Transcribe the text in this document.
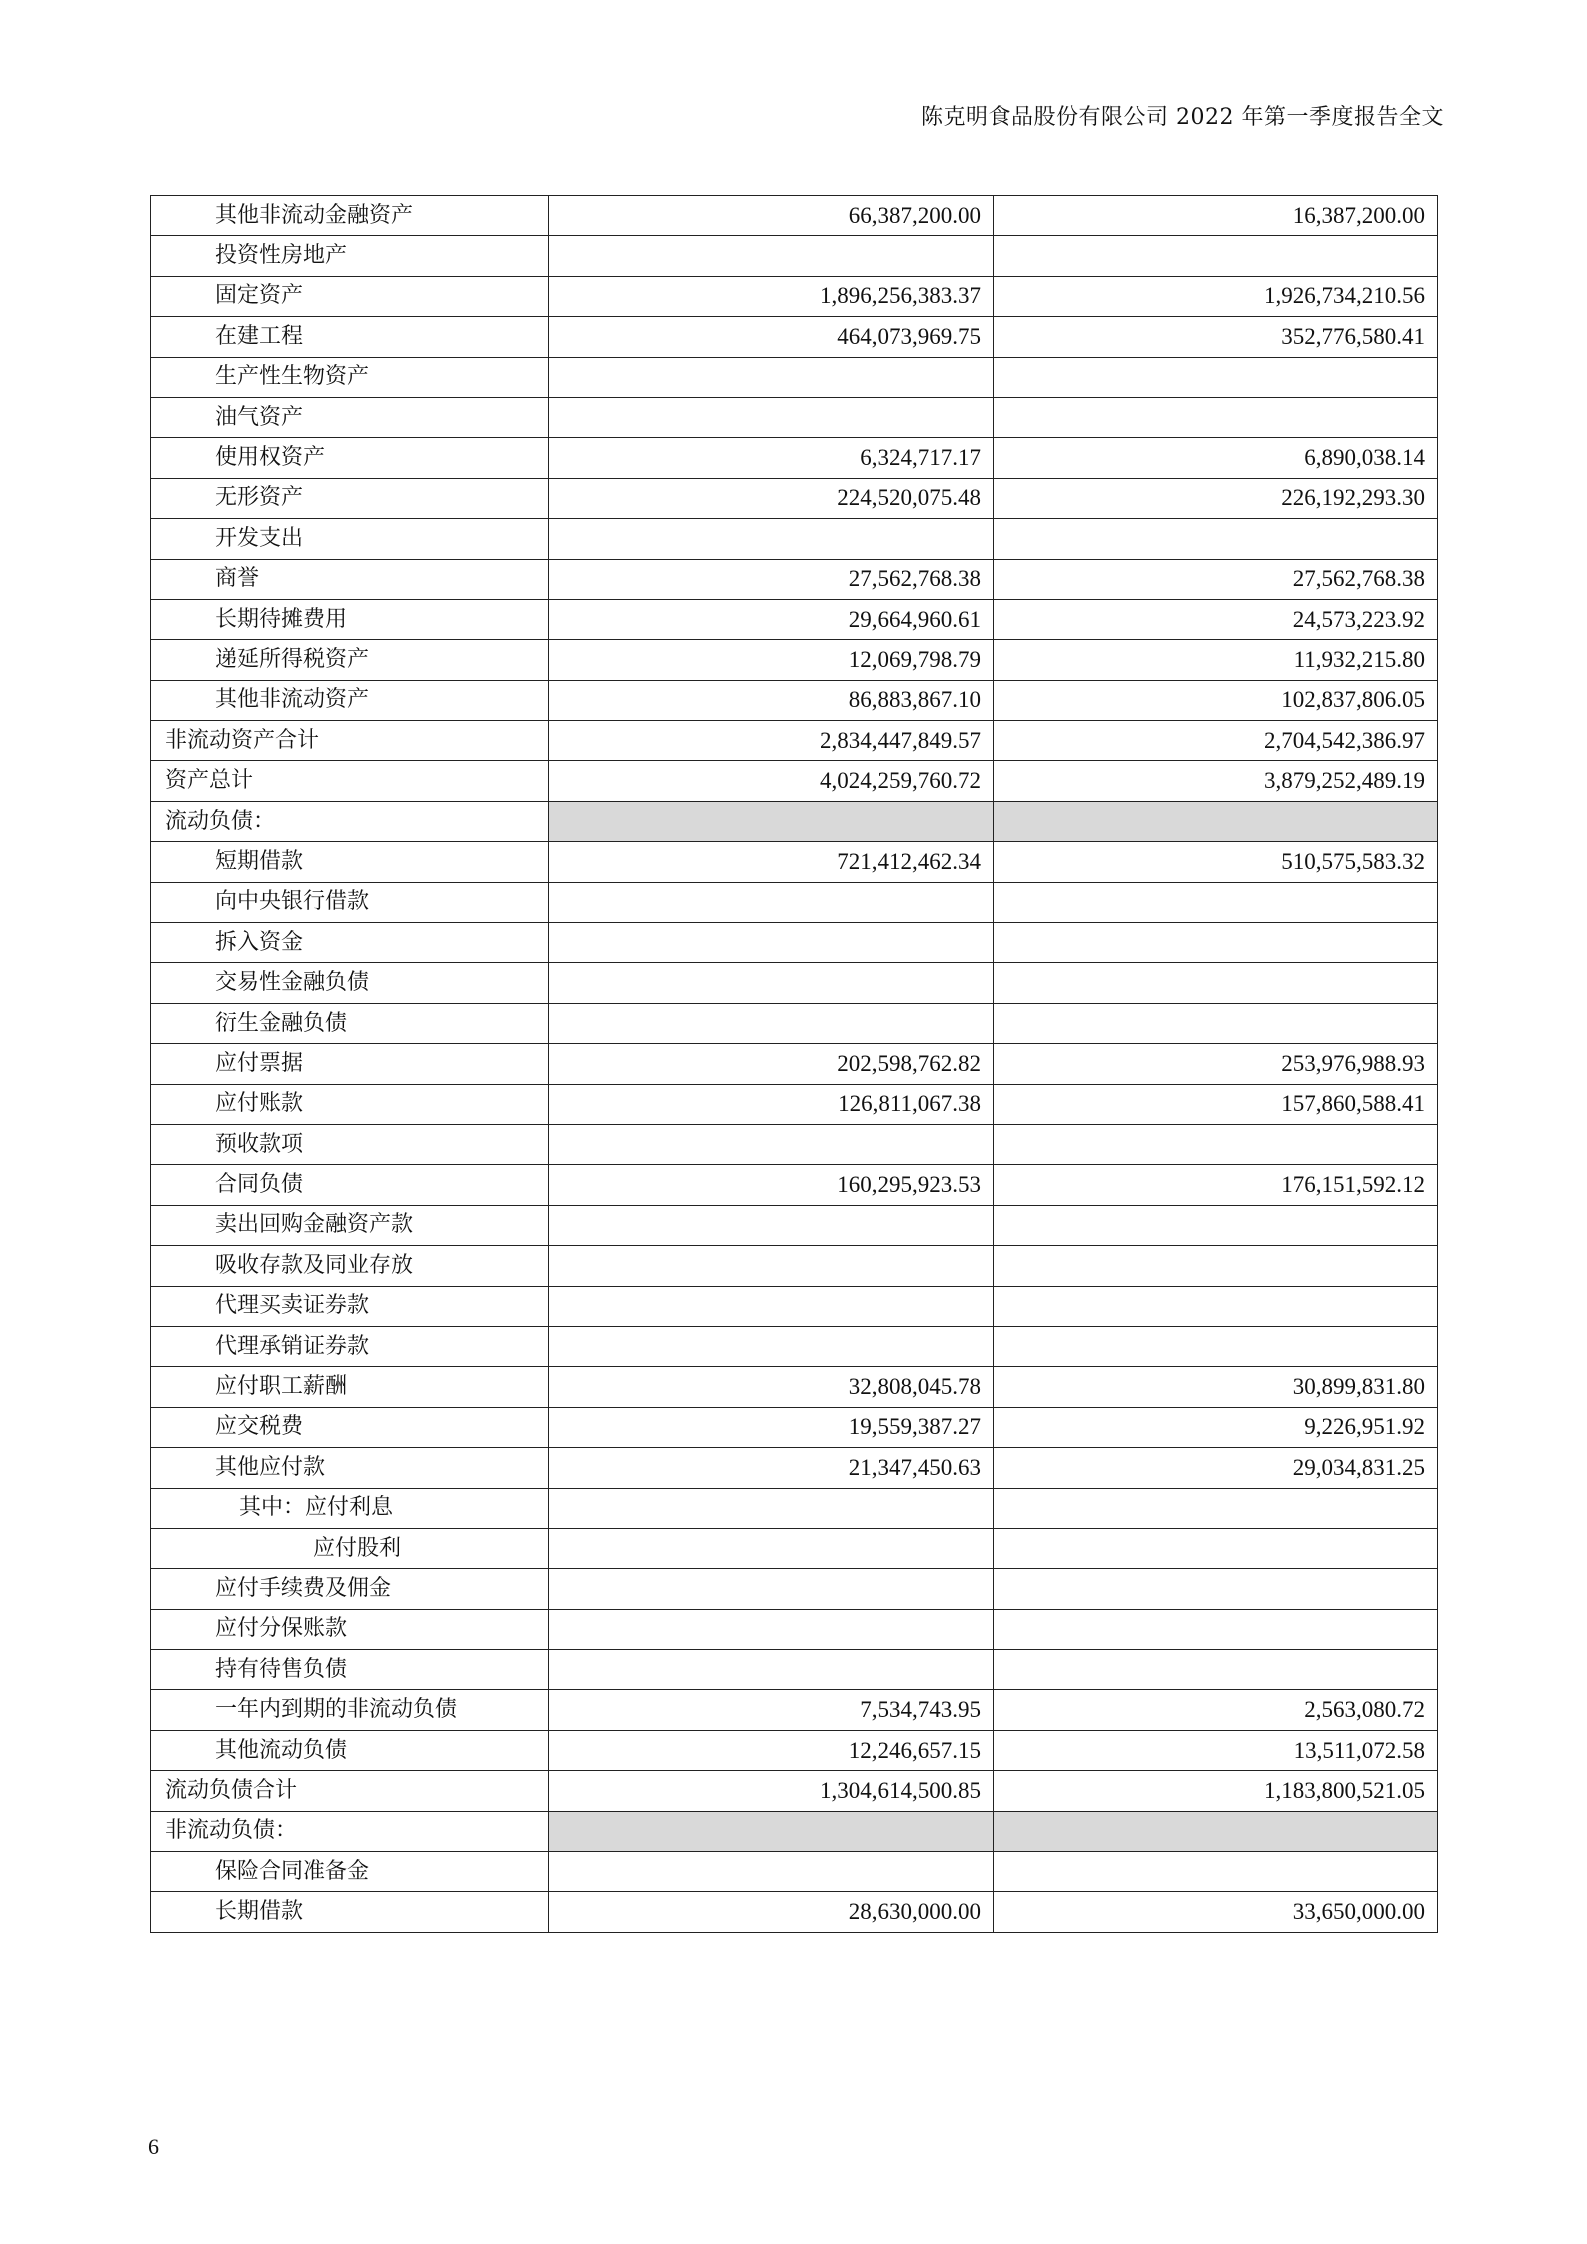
陈克明食品股份有限公司 2022 年第一季度报告全文
其他非流动金融资产	66,387,200.00	16,387,200.00
投资性房地产		
固定资产	1,896,256,383.37	1,926,734,210.56
在建工程	464,073,969.75	352,776,580.41
生产性生物资产		
油气资产		
使用权资产	6,324,717.17	6,890,038.14
无形资产	224,520,075.48	226,192,293.30
开发支出		
商誉	27,562,768.38	27,562,768.38
长期待摊费用	29,664,960.61	24,573,223.92
递延所得税资产	12,069,798.79	11,932,215.80
其他非流动资产	86,883,867.10	102,837,806.05
非流动资产合计	2,834,447,849.57	2,704,542,386.97
资产总计	4,024,259,760.72	3,879,252,489.19
流动负债：		
短期借款	721,412,462.34	510,575,583.32
向中央银行借款		
拆入资金		
交易性金融负债		
衍生金融负债		
应付票据	202,598,762.82	253,976,988.93
应付账款	126,811,067.38	157,860,588.41
预收款项		
合同负债	160,295,923.53	176,151,592.12
卖出回购金融资产款		
吸收存款及同业存放		
代理买卖证券款		
代理承销证券款		
应付职工薪酬	32,808,045.78	30,899,831.80
应交税费	19,559,387.27	9,226,951.92
其他应付款	21,347,450.63	29,034,831.25
其中：应付利息		
应付股利		
应付手续费及佣金		
应付分保账款		
持有待售负债		
一年内到期的非流动负债	7,534,743.95	2,563,080.72
其他流动负债	12,246,657.15	13,511,072.58
流动负债合计	1,304,614,500.85	1,183,800,521.05
非流动负债：		
保险合同准备金		
长期借款	28,630,000.00	33,650,000.00
6
